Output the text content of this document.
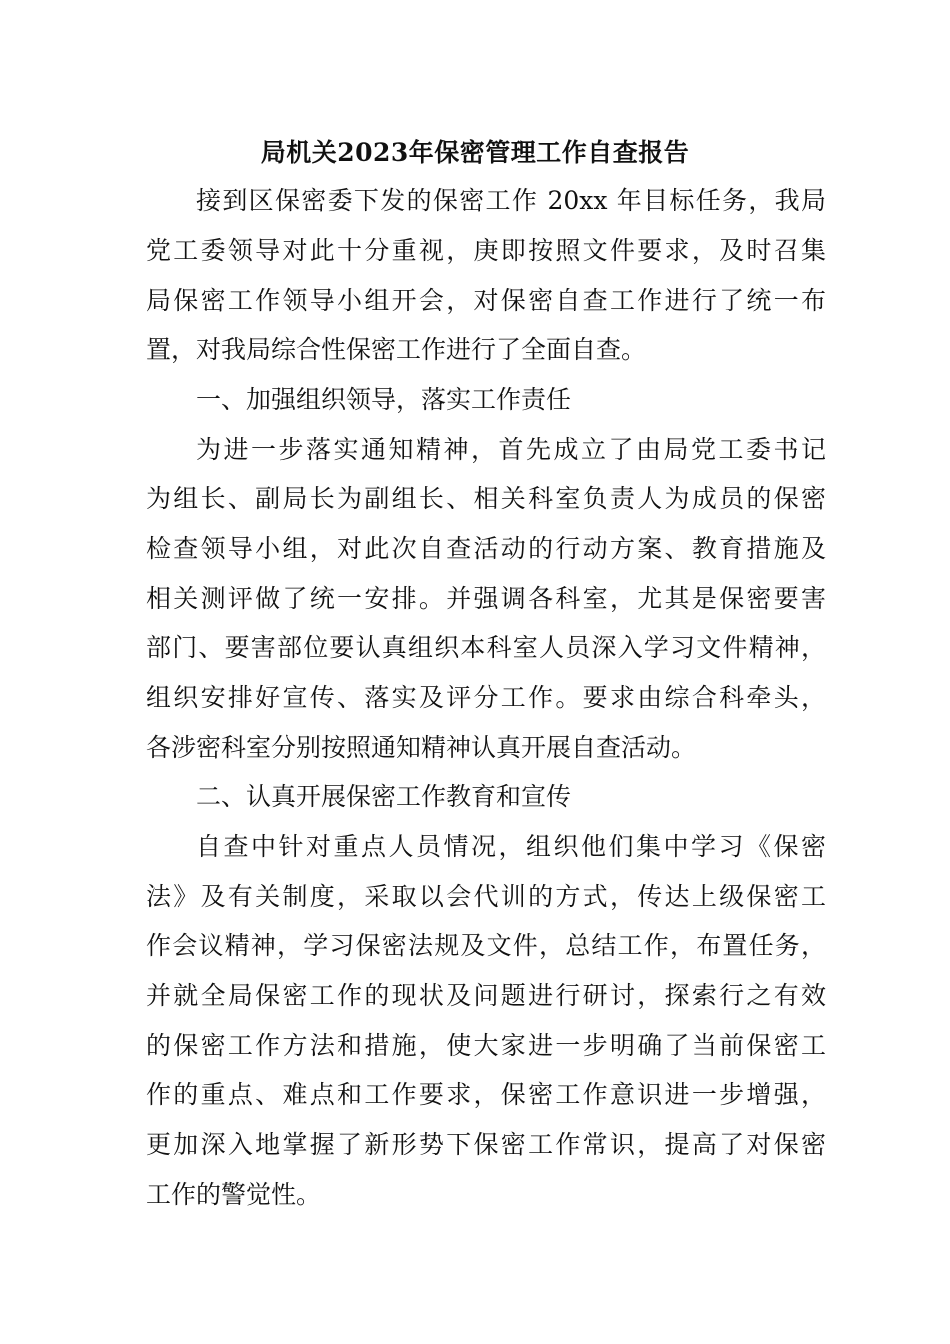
局机关2023年保密管理工作自查报告
接到区保密委下发的保密工作 20xx 年目标任务，我局
党工委领导对此十分重视，庚即按照文件要求，及时召集
局保密工作领导小组开会，对保密自查工作进行了统一布
置，对我局综合性保密工作进行了全面自查。
一、加强组织领导，落实工作责任
为进一步落实通知精神，首先成立了由局党工委书记
为组长、副局长为副组长、相关科室负责人为成员的保密
检查领导小组，对此次自查活动的行动方案、教育措施及
相关测评做了统一安排。并强调各科室，尤其是保密要害
部门、要害部位要认真组织本科室人员深入学习文件精神，
组织安排好宣传、落实及评分工作。要求由综合科牵头，
各涉密科室分别按照通知精神认真开展自查活动。
二、认真开展保密工作教育和宣传
自查中针对重点人员情况，组织他们集中学习《保密
法》及有关制度，采取以会代训的方式，传达上级保密工
作会议精神，学习保密法规及文件，总结工作，布置任务，
并就全局保密工作的现状及问题进行研讨，探索行之有效
的保密工作方法和措施，使大家进一步明确了当前保密工
作的重点、难点和工作要求，保密工作意识进一步增强，
更加深入地掌握了新形势下保密工作常识，提高了对保密
工作的警觉性。
